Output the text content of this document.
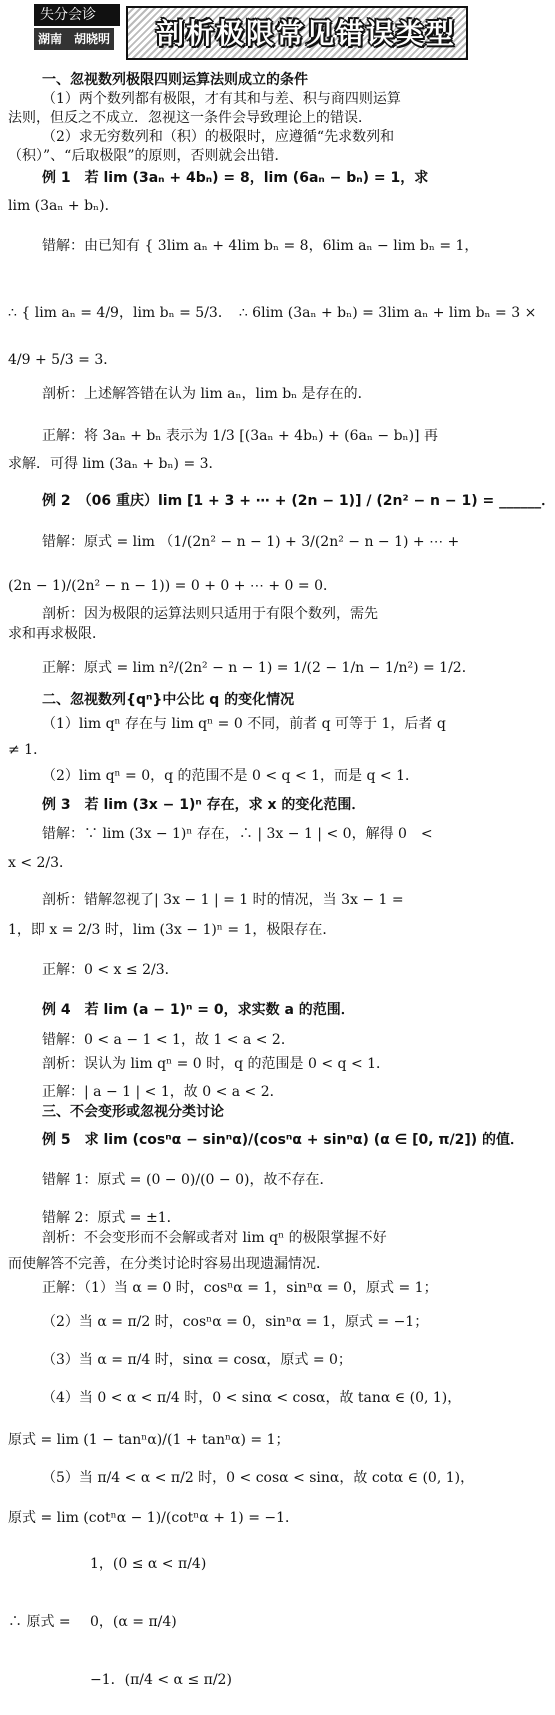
失分会诊
湖南　胡晓明 剖析极限常见错误类型
一、忽视数列极限四则运算法则成立的条件
（1）两个数列都有极限，才有其和与差、积与商四则运算
法则，但反之不成立．忽视这一条件会导致理论上的错误．
（2）求无穷数列和（积）的极限时，应遵循“先求数列和
（积）”、“后取极限”的原则，否则就会出错．
例 1　若 lim (3aₙ + 4bₙ) = 8，lim (6aₙ − bₙ) = 1，求
lim (3aₙ + bₙ)．
错解：由已知有 { 3lim aₙ + 4lim bₙ = 8，6lim aₙ − lim bₙ = 1，
∴ { lim aₙ = 4/9，lim bₙ = 5/3．　∴ 6lim (3aₙ + bₙ) = 3lim aₙ + lim bₙ = 3 ×
4/9 + 5/3 = 3．
剖析：上述解答错在认为 lim aₙ，lim bₙ 是存在的．
正解：将 3aₙ + bₙ 表示为 1/3 [(3aₙ + 4bₙ) + (6aₙ − bₙ)] 再
求解．可得 lim (3aₙ + bₙ) = 3．
例 2　（06 重庆）lim [1 + 3 + ⋯ + (2n − 1)] / (2n² − n − 1) = ______．
错解：原式 = lim （1/(2n² − n − 1) + 3/(2n² − n − 1) + ⋯ +
(2n − 1)/(2n² − n − 1)) = 0 + 0 + ⋯ + 0 = 0．
剖析：因为极限的运算法则只适用于有限个数列，需先
求和再求极限．
正解：原式 = lim n²/(2n² − n − 1) = 1/(2 − 1/n − 1/n²) = 1/2．
二、忽视数列{qⁿ}中公比 q 的变化情况
（1）lim qⁿ 存在与 lim qⁿ = 0 不同，前者 q 可等于 1，后者 q
≠ 1．
（2）lim qⁿ = 0，q 的范围不是 0 < q < 1，而是 q < 1．
例 3　若 lim (3x − 1)ⁿ 存在，求 x 的变化范围．
错解：∵ lim (3x − 1)ⁿ 存在，∴ | 3x − 1 | < 0，解得 0　<
x < 2/3．
剖析：错解忽视了| 3x − 1 | = 1 时的情况，当 3x − 1 =
1，即 x = 2/3 时，lim (3x − 1)ⁿ = 1，极限存在．
正解：0 < x ≤ 2/3．
例 4　若 lim (a − 1)ⁿ = 0，求实数 a 的范围．
错解：0 < a − 1 < 1，故 1 < a < 2．
剖析：误认为 lim qⁿ = 0 时，q 的范围是 0 < q < 1．
正解：| a − 1 | < 1，故 0 < a < 2．
三、不会变形或忽视分类讨论
例 5　求 lim (cosⁿα − sinⁿα)/(cosⁿα + sinⁿα) (α ∈ [0, π/2]) 的值．
错解 1：原式 = (0 − 0)/(0 − 0)，故不存在．
错解 2：原式 = ±1．
剖析：不会变形而不会解或者对 lim qⁿ 的极限掌握不好
而使解答不完善，在分类讨论时容易出现遗漏情况．
正解：（1）当 α = 0 时，cosⁿα = 1，sinⁿα = 0，原式 = 1；
（2）当 α = π/2 时，cosⁿα = 0，sinⁿα = 1，原式 = −1；
（3）当 α = π/4 时，sinα = cosα，原式 = 0；
（4）当 0 < α < π/4 时，0 < sinα < cosα，故 tanα ∈ (0, 1)，
原式 = lim (1 − tanⁿα)/(1 + tanⁿα) = 1；
（5）当 π/4 < α < π/2 时，0 < cosα < sinα，故 cotα ∈ (0, 1)，
原式 = lim (cotⁿα − 1)/(cotⁿα + 1) = −1．
1，(0 ≤ α < π/4)
∴ 原式 = 0，(α = π/4)
−1．(π/4 < α ≤ π/2)
